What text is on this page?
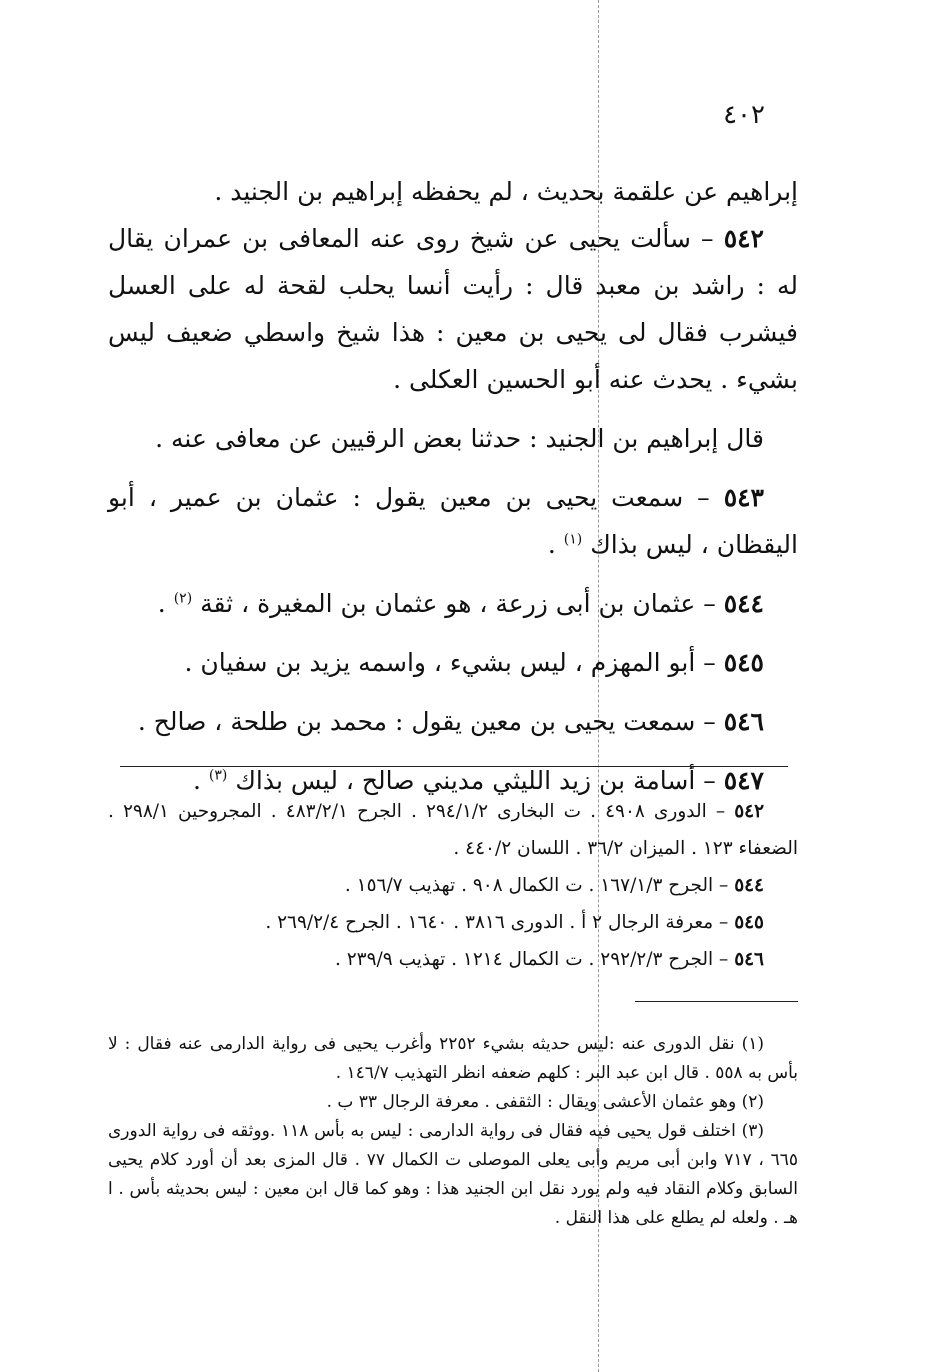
٤٠٢

إبراهيم عن علقمة بحديث ، لم يحفظه إبراهيم بن الجنيد .

٥٤٢ – سألت يحيى عن شيخ روى عنه المعافى بن عمران يقال له : راشد بن معبد قال : رأيت أنسا يحلب لقحة له على العسل فيشرب فقال لى يحيى بن معين : هذا شيخ واسطي ضعيف ليس بشيء . يحدث عنه أبو الحسين العكلى .

قال إبراهيم بن الجنيد : حدثنا بعض الرقيين عن معافى عنه .

٥٤٣ – سمعت يحيى بن معين يقول : عثمان بن عمير ، أبو اليقظان ، ليس بذاك $^{(١)}$ .

٥٤٤ – عثمان بن أبى زرعة ، هو عثمان بن المغيرة ، ثقة $^{(٢)}$ .

٥٤٥ – أبو المهزم ، ليس بشيء ، واسمه يزيد بن سفيان .

٥٤٦ – سمعت يحيى بن معين يقول : محمد بن طلحة ، صالح .

٥٤٧ – أسامة بن زيد الليثي مديني صالح ، ليس بذاك $^{(٣)}$ .

٥٤٢ – الدورى ٤٩٠٨ . ت البخارى ٢٩٤/١/٢ . الجرح ٤٨٣/٢/١ . المجروحين ٢٩٨/١ . الضعفاء ١٢٣ . الميزان ٣٦/٢ . اللسان ٤٤٠/٢ .

٥٤٤ – الجرح ١٦٧/١/٣ . ت الكمال ٩٠٨ . تهذيب ١٥٦/٧ .

٥٤٥ – معرفة الرجال ٢ أ . الدورى ٣٨١٦ . ١٦٤٠ . الجرح ٢٦٩/٢/٤ .

٥٤٦ – الجرح ٢٩٢/٢/٣ . ت الكمال ١٢١٤ . تهذيب ٢٣٩/٩ .

(١) نقل الدورى عنه :ليس حديثه بشيء ٢٢٥٢ وأغرب يحيى فى رواية الدارمى عنه فقال : لا بأس به ٥٥٨ . قال ابن عبد البر : كلهم ضعفه انظر التهذيب ١٤٦/٧ .

(٢) وهو عثمان الأعشى ويقال : الثقفى . معرفة الرجال ٣٣ ب .

(٣) اختلف قول يحيى فيه فقال فى رواية الدارمى : ليس به بأس ١١٨ .ووثقه فى رواية الدورى ٦٦٥ ، ٧١٧ وابن أبى مريم وأبى يعلى الموصلى ت الكمال ٧٧ . قال المزى بعد أن أورد كلام يحيى السابق وكلام النقاد فيه ولم يورد نقل ابن الجنيد هذا : وهو كما قال ابن معين : ليس بحديثه بأس . ا هـ . ولعله لم يطلع على هذا النقل .
